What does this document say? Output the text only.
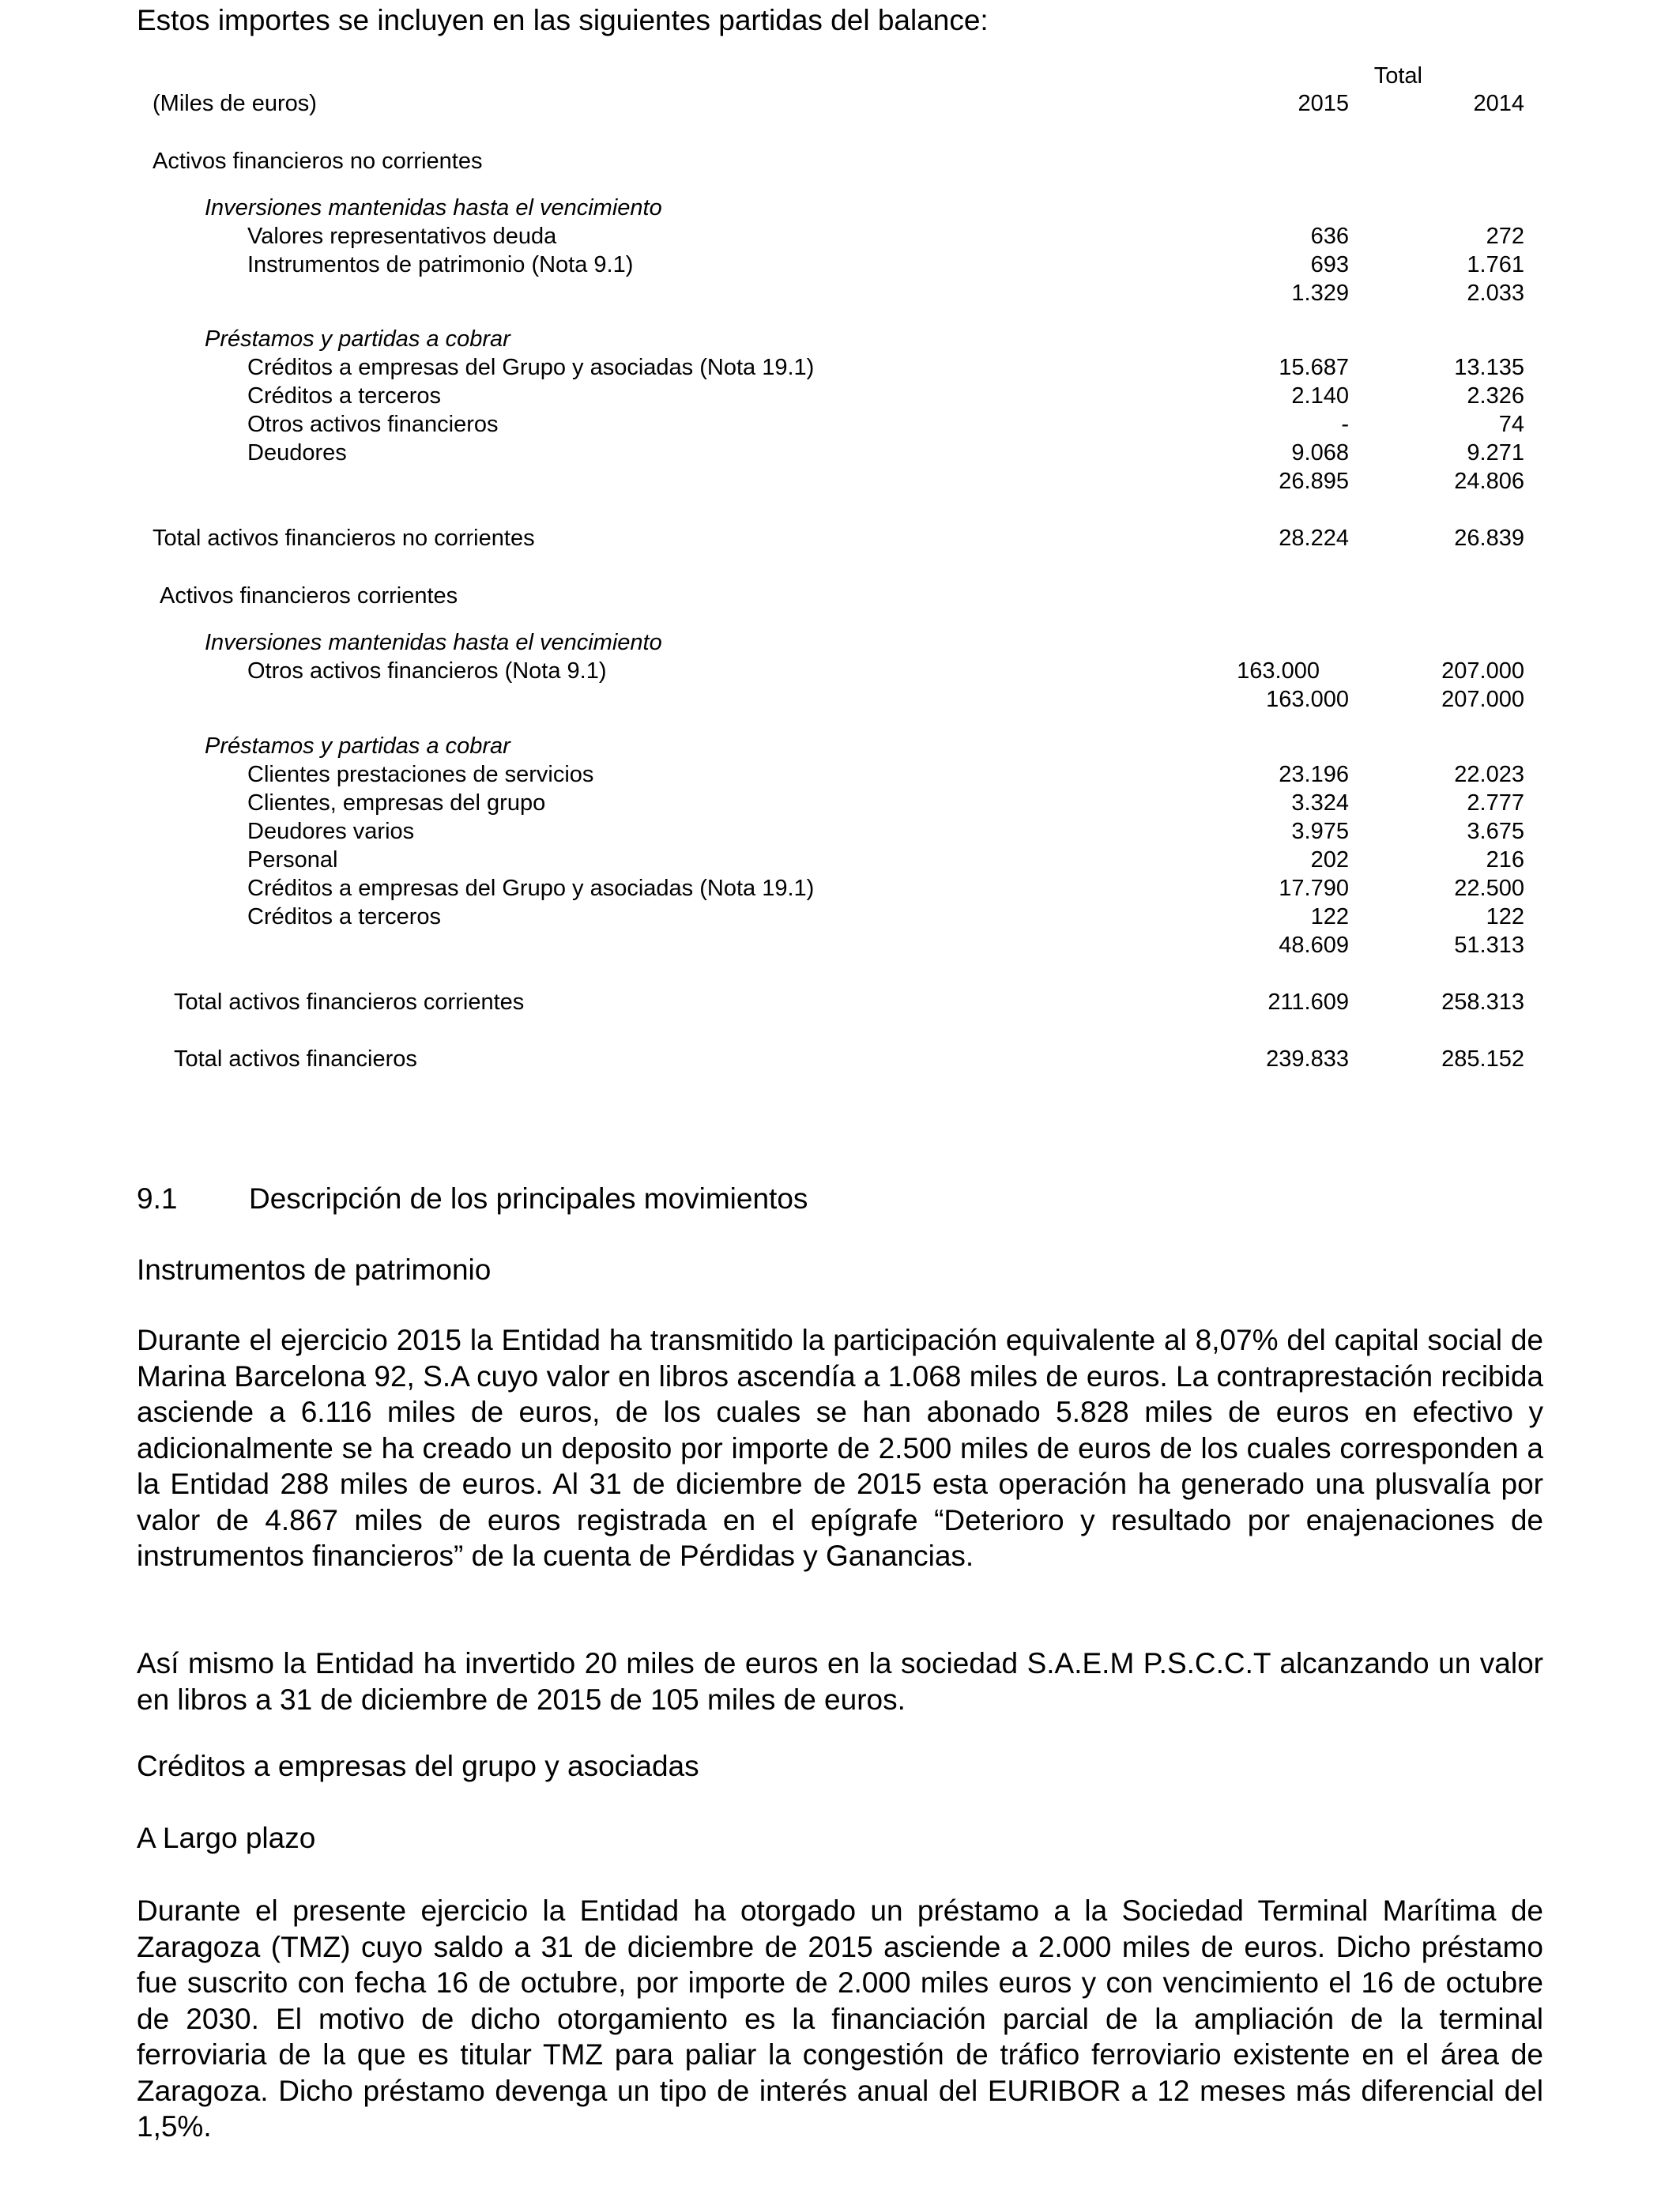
Estos importes se incluyen en las siguientes partidas del balance:
Total
(Miles de euros)	2015	2014
Activos financieros no corrientes
Inversiones mantenidas hasta el vencimiento
Valores representativos deuda	636	272
Instrumentos de patrimonio (Nota 9.1)	693	1.761
1.329	2.033
Préstamos y partidas a cobrar
Créditos a empresas del Grupo y asociadas (Nota 19.1)	15.687	13.135
Créditos a terceros	2.140	2.326
Otros activos financieros	-	74
Deudores	9.068	9.271
26.895	24.806
Total activos financieros no corrientes	28.224	26.839
Activos financieros corrientes
Inversiones mantenidas hasta el vencimiento
Otros activos financieros (Nota 9.1)	163.000	207.000
163.000	207.000
Préstamos y partidas a cobrar
Clientes prestaciones de servicios	23.196	22.023
Clientes, empresas del grupo	3.324	2.777
Deudores varios	3.975	3.675
Personal	202	216
Créditos a empresas del Grupo y asociadas (Nota 19.1)	17.790	22.500
Créditos a terceros	122	122
48.609	51.313
Total activos financieros corrientes	211.609	258.313
Total activos financieros	239.833	285.152
9.1 Descripción de los principales movimientos
Instrumentos de patrimonio
Durante el ejercicio 2015 la Entidad ha transmitido la participación equivalente al 8,07% del capital social de Marina Barcelona 92, S.A cuyo valor en libros ascendía a 1.068 miles de euros. La contraprestación recibida asciende a 6.116 miles de euros, de los cuales se han abonado 5.828 miles de euros en efectivo y adicionalmente se ha creado un deposito por importe de 2.500 miles de euros de los cuales corresponden a la Entidad 288 miles de euros. Al 31 de diciembre de 2015 esta operación ha generado una plusvalía por valor de 4.867 miles de euros registrada en el epígrafe “Deterioro y resultado por enajenaciones de instrumentos financieros” de la cuenta de Pérdidas y Ganancias.
Así mismo la Entidad ha invertido 20 miles de euros en la sociedad S.A.E.M P.S.C.C.T alcanzando un valor en libros a 31 de diciembre de 2015 de 105 miles de euros.
Créditos a empresas del grupo y asociadas
A Largo plazo
Durante el presente ejercicio la Entidad ha otorgado un préstamo a la Sociedad Terminal Marítima de Zaragoza (TMZ) cuyo saldo a 31 de diciembre de 2015 asciende a 2.000 miles de euros. Dicho préstamo fue suscrito con fecha 16 de octubre, por importe de 2.000 miles euros y con vencimiento el 16 de octubre de 2030. El motivo de dicho otorgamiento es la financiación parcial de la ampliación de la terminal ferroviaria de la que es titular TMZ para paliar la congestión de tráfico ferroviario existente en el área de Zaragoza. Dicho préstamo devenga un tipo de interés anual del EURIBOR a 12 meses más diferencial del 1,5%.
